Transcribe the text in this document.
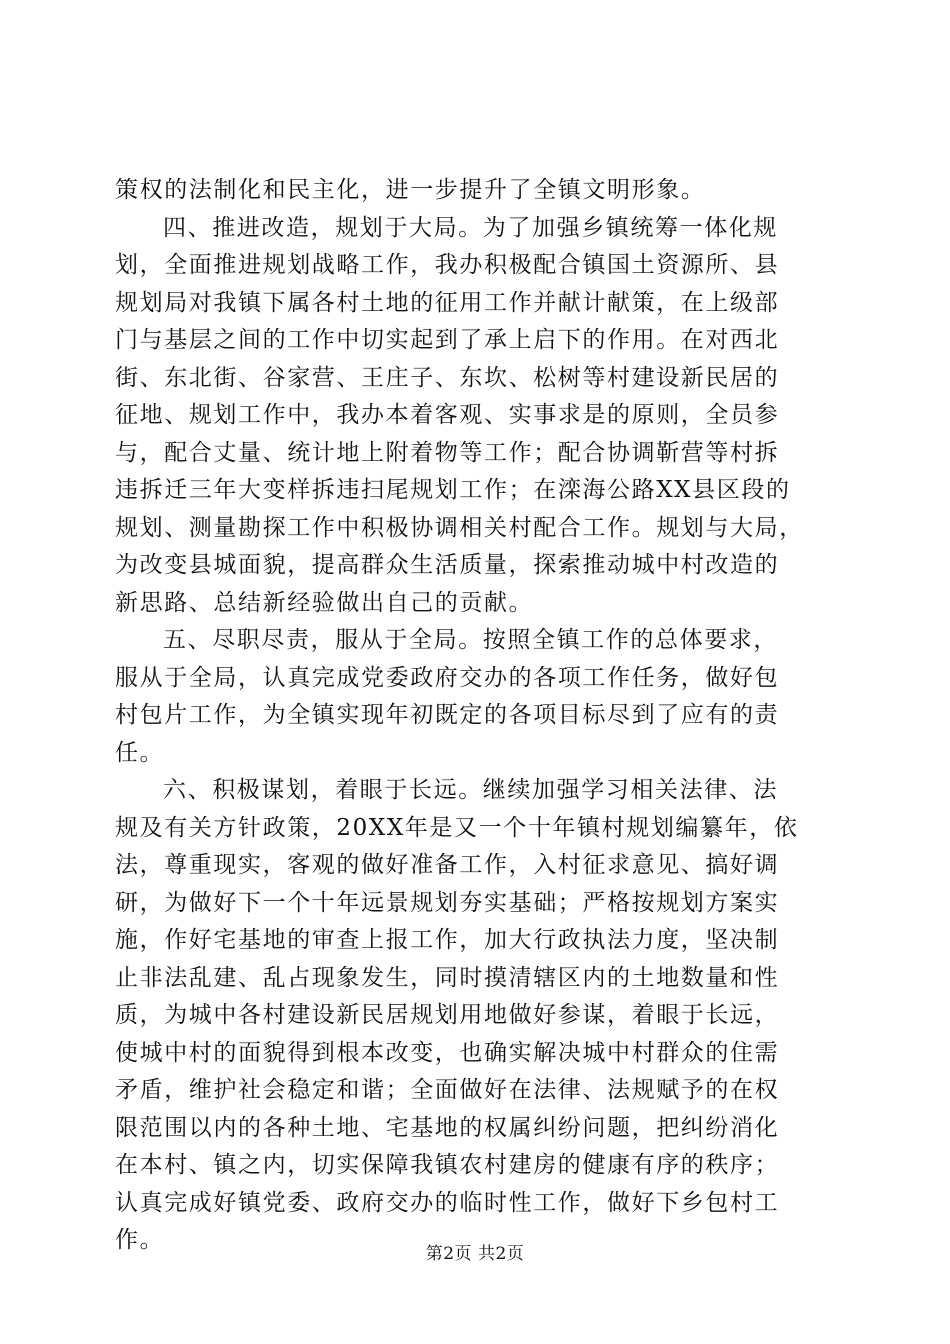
策权的法制化和民主化，进一步提升了全镇文明形象。
四、推进改造，规划于大局。为了加强乡镇统筹一体化规
划，全面推进规划战略工作，我办积极配合镇国土资源所、县
规划局对我镇下属各村土地的征用工作并献计献策，在上级部
门与基层之间的工作中切实起到了承上启下的作用。在对西北
街、东北街、谷家营、王庄子、东坎、松树等村建设新民居的
征地、规划工作中，我办本着客观、实事求是的原则，全员参
与，配合丈量、统计地上附着物等工作；配合协调靳营等村拆
违拆迁三年大变样拆违扫尾规划工作；在滦海公路XX县区段的
规划、测量勘探工作中积极协调相关村配合工作。规划与大局，
为改变县城面貌，提高群众生活质量，探索推动城中村改造的
新思路、总结新经验做出自己的贡献。
五、尽职尽责，服从于全局。按照全镇工作的总体要求，
服从于全局，认真完成党委政府交办的各项工作任务，做好包
村包片工作，为全镇实现年初既定的各项目标尽到了应有的责
任。
六、积极谋划，着眼于长远。继续加强学习相关法律、法
规及有关方针政策，20XX年是又一个十年镇村规划编纂年，依
法，尊重现实，客观的做好准备工作，入村征求意见、搞好调
研，为做好下一个十年远景规划夯实基础；严格按规划方案实
施，作好宅基地的审查上报工作，加大行政执法力度，坚决制
止非法乱建、乱占现象发生，同时摸清辖区内的土地数量和性
质，为城中各村建设新民居规划用地做好参谋，着眼于长远，
使城中村的面貌得到根本改变，也确实解决城中村群众的住需
矛盾，维护社会稳定和谐；全面做好在法律、法规赋予的在权
限范围以内的各种土地、宅基地的权属纠纷问题，把纠纷消化
在本村、镇之内，切实保障我镇农村建房的健康有序的秩序；
认真完成好镇党委、政府交办的临时性工作，做好下乡包村工
作。
第2页 共2页
